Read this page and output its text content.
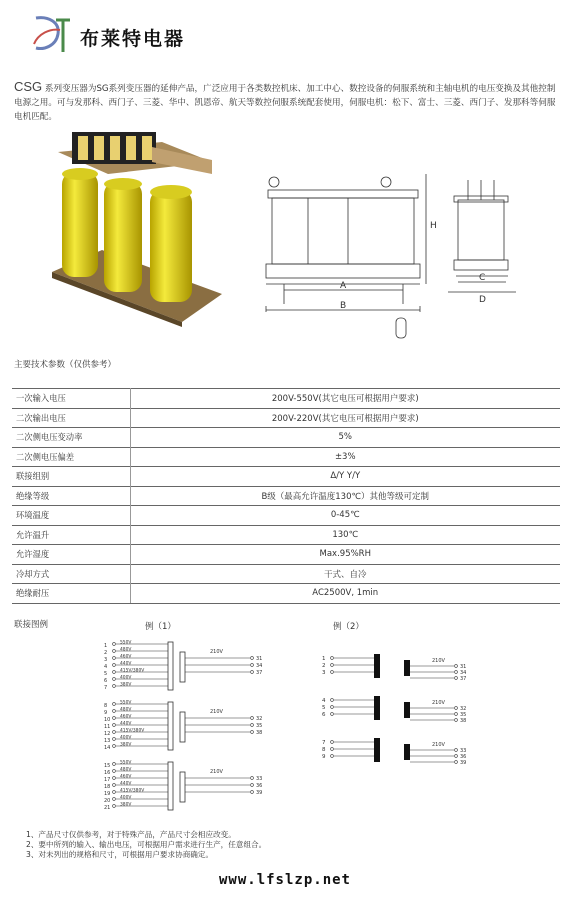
布莱特电器
CSG 系列变压器为SG系列变压器的延伸产品，广泛应用于各类数控机床、加工中心、数控设备的伺服系统和主轴电机的电压变换及其他控制电源之用。可与发那科、西门子、三菱、华中、凯恩帝、航天等数控伺服系统配套使用，伺服电机：松下、富士、三菱、西门子、发那科等伺服电机匹配。
H
A
B
C
D
主要技术参数（仅供参考）
一次输入电压	200V-550V(其它电压可根据用户要求)
二次输出电压	200V-220V(其它电压可根据用户要求)
二次侧电压变动率	5%
二次侧电压偏差	±3%
联接组别	Δ/Y Y/Y
绝缘等级	B级（最高允许温度130℃）其他等级可定制
环境温度	0-45℃
允许温升	130℃
允许湿度	Max.95%RH
冷却方式	干式、自冷
绝缘耐压	AC2500V, 1min
联接图例	例（1）	例（2）
1	550V
2	480V
3	460V
4	440V
5	415V/380V
6	400V
7	380V
210V
31
34
37
8	550V
9	480V
10 460V
11 440V
12 415V/380V
13 400V
14 380V
210V
32
35
38
15 550V
16 480V
17 460V
18 440V
19 415V/380V
20 400V
21 380V
210V
33
36
39
1
2
3
210V
31
34
37
4
5
6
210V
32
35
38
7
8
9
210V
33
36
39
1、产品尺寸仅供参考，对于特殊产品，产品尺寸会相应改变。
2、要中所列的输入、输出电压，可根据用户需求进行生产，任意组合。
3、对未列出的规格和尺寸，可根据用户要求协商确定。
www.lfslzp.net
